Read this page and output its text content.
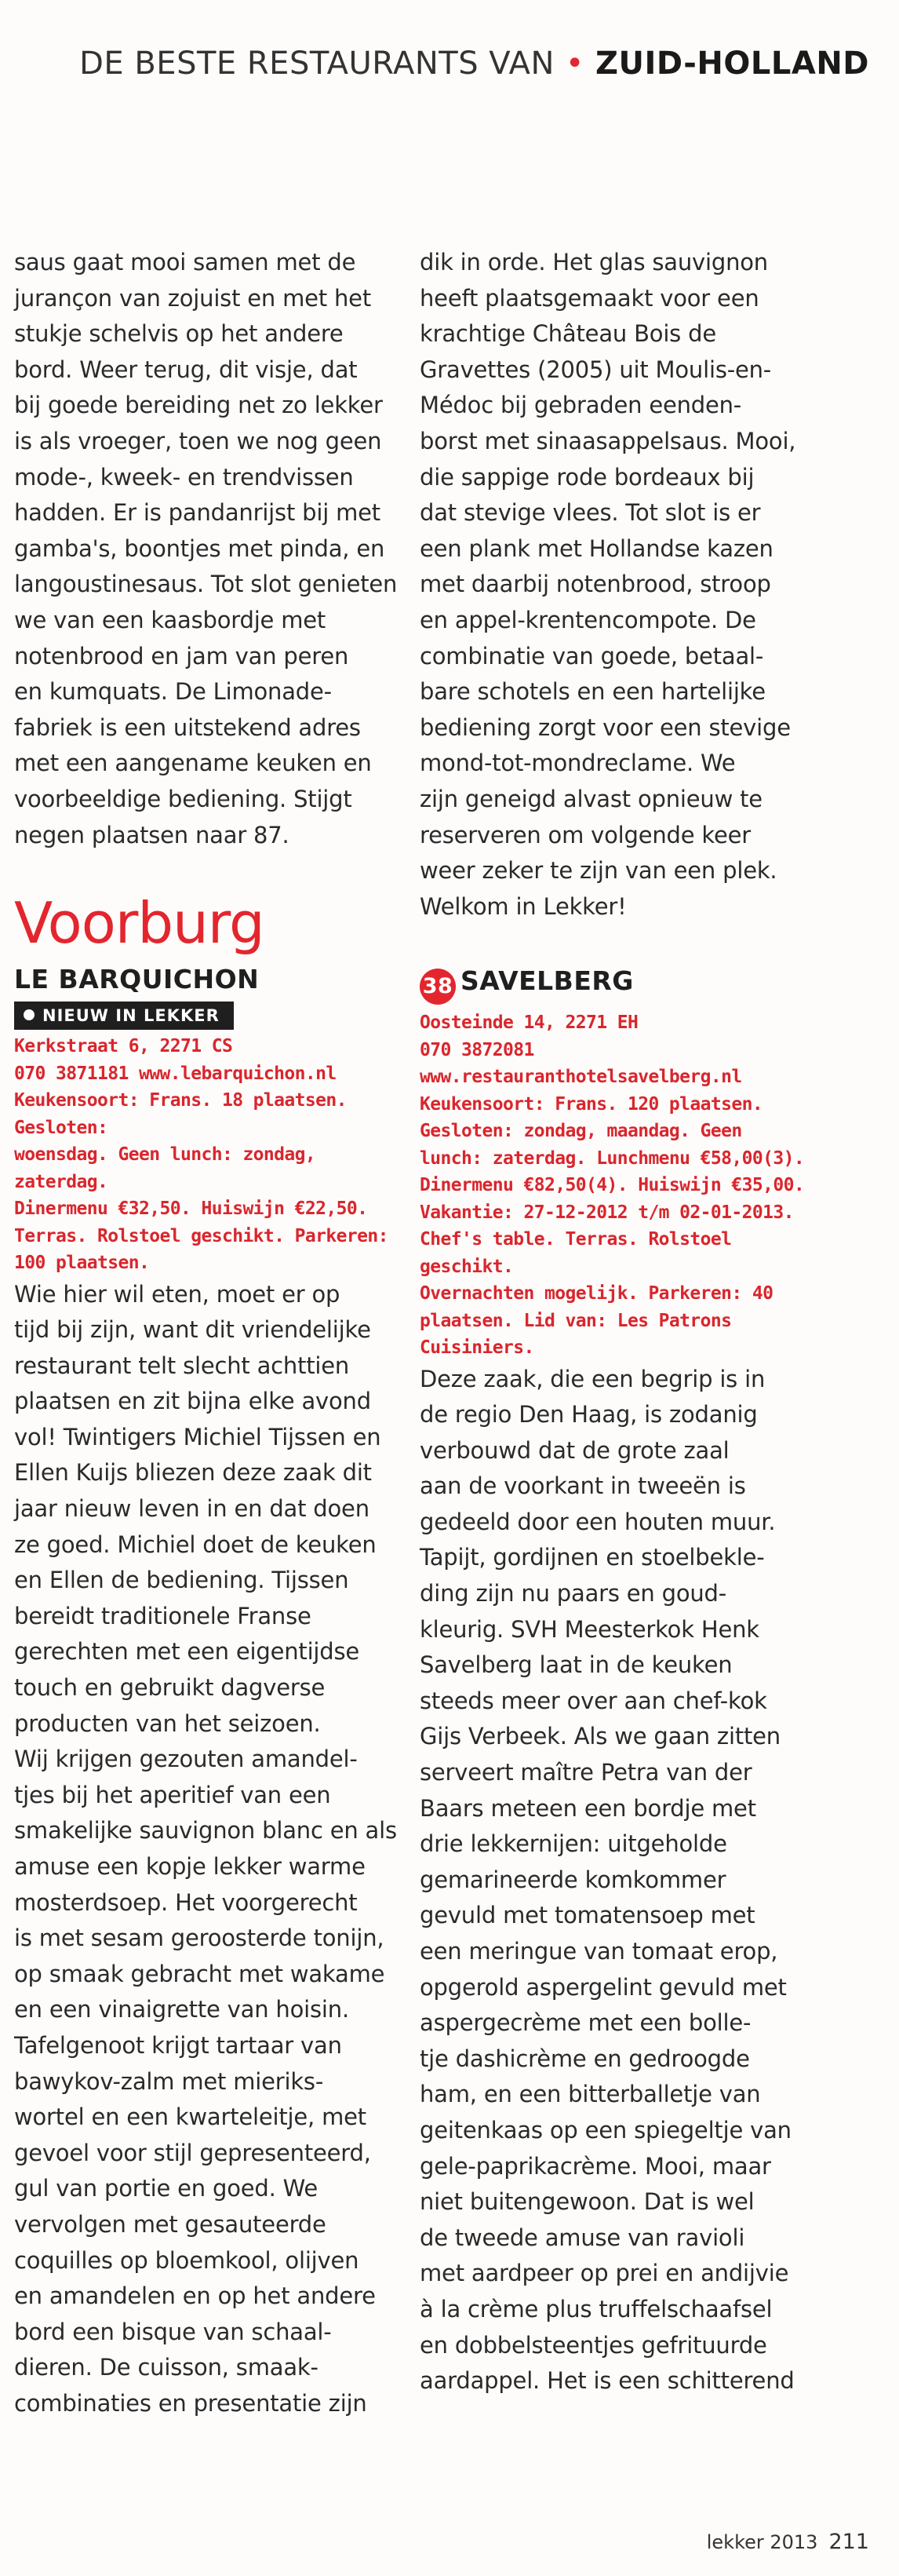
DE BESTE RESTAURANTS VAN • ZUID-HOLLAND

saus gaat mooi samen met de

jurançon van zojuist en met het

stukje schelvis op het andere

bord. Weer terug, dit visje, dat

bij goede bereiding net zo lekker

is als vroeger, toen we nog geen

mode-, kweek- en trendvissen

hadden. Er is pandanrijst bij met

gamba's, boontjes met pinda, en

langoustinesaus. Tot slot genieten

we van een kaasbordje met

notenbrood en jam van peren

en kumquats. De Limonade-

fabriek is een uitstekend adres

met een aangename keuken en

voorbeeldige bediening. Stijgt

negen plaatsen naar 87.

Voorburg

LE BARQUICHON

NIEUW IN LEKKER

Kerkstraat 6, 2271 CS

070 3871181 www.lebarquichon.nl

Keukensoort: Frans. 18 plaatsen. Gesloten:

woensdag. Geen lunch: zondag, zaterdag.

Dinermenu €32,50. Huiswijn €22,50.

Terras. Rolstoel geschikt. Parkeren:

100 plaatsen.

Wie hier wil eten, moet er op

tijd bij zijn, want dit vriendelijke

restaurant telt slecht achttien

plaatsen en zit bijna elke avond

vol! Twintigers Michiel Tijssen en

Ellen Kuijs bliezen deze zaak dit

jaar nieuw leven in en dat doen

ze goed. Michiel doet de keuken

en Ellen de bediening. Tijssen

bereidt traditionele Franse

gerechten met een eigentijdse

touch en gebruikt dagverse

producten van het seizoen.

Wij krijgen gezouten amandel-

tjes bij het aperitief van een

smakelijke sauvignon blanc en als

amuse een kopje lekker warme

mosterdsoep. Het voorgerecht

is met sesam geroosterde tonijn,

op smaak gebracht met wakame

en een vinaigrette van hoisin.

Tafelgenoot krijgt tartaar van

bawykov-zalm met mieriks-

wortel en een kwarteleitje, met

gevoel voor stijl gepresenteerd,

gul van portie en goed. We

vervolgen met gesauteerde

coquilles op bloemkool, olijven

en amandelen en op het andere

bord een bisque van schaal-

dieren. De cuisson, smaak-

combinaties en presentatie zijn

dik in orde. Het glas sauvignon

heeft plaatsgemaakt voor een

krachtige Château Bois de

Gravettes (2005) uit Moulis-en-

Médoc bij gebraden eenden-

borst met sinaasappelsaus. Mooi,

die sappige rode bordeaux bij

dat stevige vlees. Tot slot is er

een plank met Hollandse kazen

met daarbij notenbrood, stroop

en appel-krentencompote. De

combinatie van goede, betaal-

bare schotels en een hartelijke

bediening zorgt voor een stevige

mond-tot-mondreclame. We

zijn geneigd alvast opnieuw te

reserveren om volgende keer

weer zeker te zijn van een plek.

Welkom in Lekker!

38 SAVELBERG

Oosteinde 14, 2271 EH

070 3872081

www.restauranthotelsavelberg.nl

Keukensoort: Frans. 120 plaatsen.

Gesloten: zondag, maandag. Geen

lunch: zaterdag. Lunchmenu €58,00(3).

Dinermenu €82,50(4). Huiswijn €35,00.

Vakantie: 27-12-2012 t/m 02-01-2013.

Chef's table. Terras. Rolstoel geschikt.

Overnachten mogelijk. Parkeren: 40

plaatsen. Lid van: Les Patrons Cuisiniers.

Deze zaak, die een begrip is in

de regio Den Haag, is zodanig

verbouwd dat de grote zaal

aan de voorkant in tweeën is

gedeeld door een houten muur.

Tapijt, gordijnen en stoelbekle-

ding zijn nu paars en goud-

kleurig. SVH Meesterkok Henk

Savelberg laat in de keuken

steeds meer over aan chef-kok

Gijs Verbeek. Als we gaan zitten

serveert maître Petra van der

Baars meteen een bordje met

drie lekkernijen: uitgeholde

gemarineerde komkommer

gevuld met tomatensoep met

een meringue van tomaat erop,

opgerold aspergelint gevuld met

aspergecrème met een bolle-

tje dashicrème en gedroogde

ham, en een bitterballetje van

geitenkaas op een spiegeltje van

gele-paprikacrème. Mooi, maar

niet buitengewoon. Dat is wel

de tweede amuse van ravioli

met aardpeer op prei en andijvie

à la crème plus truffelschaafsel

en dobbelsteentjes gefrituurde

aardappel. Het is een schitterend

lekker 2013 211
